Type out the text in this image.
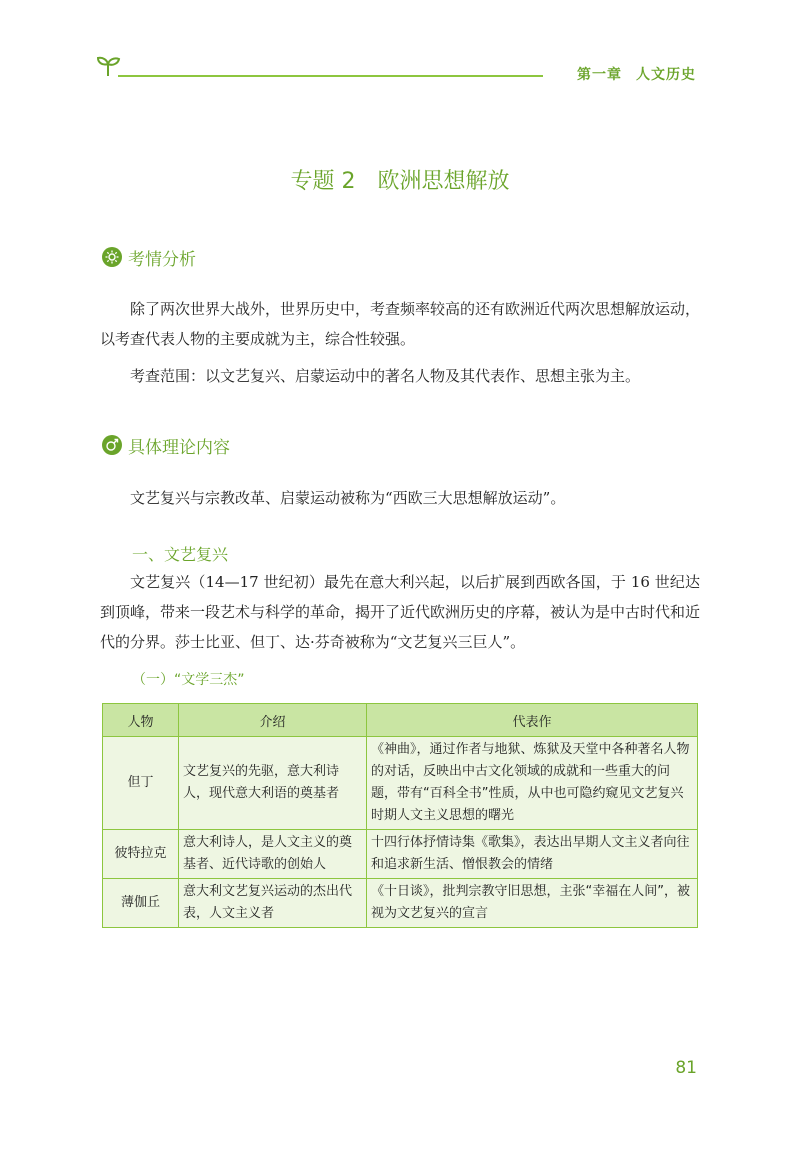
第一章 人文历史
专题 2 欧洲思想解放
考情分析
除了两次世界大战外，世界历史中，考查频率较高的还有欧洲近代两次思想解放运动，以考查代表人物的主要成就为主，综合性较强。
考查范围：以文艺复兴、启蒙运动中的著名人物及其代表作、思想主张为主。
具体理论内容
文艺复兴与宗教改革、启蒙运动被称为“西欧三大思想解放运动”。
一、文艺复兴
文艺复兴（14—17 世纪初）最先在意大利兴起，以后扩展到西欧各国，于 16 世纪达到顶峰，带来一段艺术与科学的革命，揭开了近代欧洲历史的序幕，被认为是中古时代和近代的分界。莎士比亚、但丁、达·芬奇被称为“文艺复兴三巨人”。
（一）“文学三杰”
人物	介绍	代表作
但丁	文艺复兴的先驱，意大利诗人，现代意大利语的奠基者	《神曲》，通过作者与地狱、炼狱及天堂中各种著名人物的对话，反映出中古文化领域的成就和一些重大的问题，带有“百科全书”性质，从中也可隐约窥见文艺复兴时期人文主义思想的曙光
彼特拉克	意大利诗人，是人文主义的奠基者、近代诗歌的创始人	十四行体抒情诗集《歌集》，表达出早期人文主义者向往和追求新生活、憎恨教会的情绪
薄伽丘	意大利文艺复兴运动的杰出代表，人文主义者	《十日谈》，批判宗教守旧思想，主张“幸福在人间”，被视为文艺复兴的宣言
81
